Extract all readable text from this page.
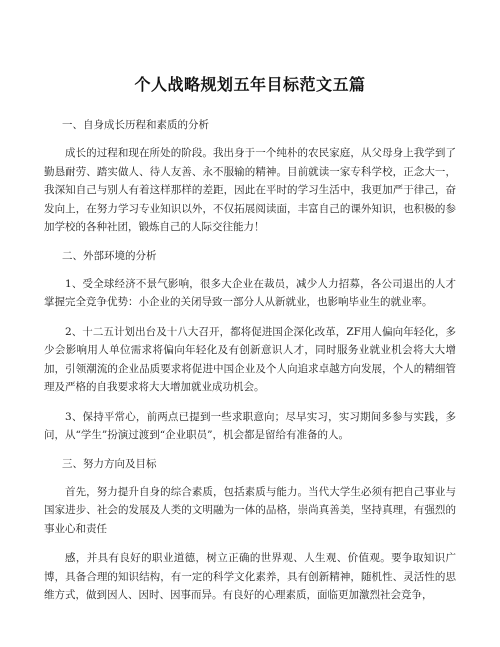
个人战略规划五年目标范文五篇
一、自身成长历程和素质的分析

成长的过程和现在所处的阶段。我出身于一个纯朴的农民家庭，从父母身上我学到了勤恳耐劳、踏实做人、待人友善、永不服输的精神。目前就读一家专科学校，正念大一，我深知自己与别人有着这样那样的差距，因此在平时的学习生活中，我更加严于律己，奋发向上，在努力学习专业知识以外，不仅拓展阅读面，丰富自己的课外知识，也积极的参加学校的各种社团，锻炼自己的人际交往能力！

二、外部环境的分析

1、受全球经济不景气影响，很多大企业在裁员，减少人力招募，各公司退出的人才掌握完全竞争优势：小企业的关闭导致一部分人从新就业，也影响毕业生的就业率。

2、十二五计划出台及十八大召开，都将促进国企深化改革，ZF用人偏向年轻化，多少会影响用人单位需求将偏向年轻化及有创新意识人才，同时服务业就业机会将大大增加，引领潮流的企业品质要求将促进中国企业及个人向追求卓越方向发展，个人的精细管理及严格的自我要求将大大增加就业成功机会。

3、保持平常心，前两点已提到一些求职意向；尽早实习，实习期间多参与实践，多问，从“学生”扮演过渡到“企业职员”，机会都是留给有准备的人。

三、努力方向及目标

首先，努力提升自身的综合素质，包括素质与能力。当代大学生必须有把自己事业与国家进步、社会的发展及人类的文明融为一体的品格，崇尚真善美，坚持真理，有强烈的事业心和责任

感，并具有良好的职业道德，树立正确的世界观、人生观、价值观。要争取知识广博，具备合理的知识结构，有一定的科学文化素养，具有创新精神，随机性、灵活性的思维方式，做到因人、因时、因事而异。有良好的心理素质，面临更加激烈社会竞争，
